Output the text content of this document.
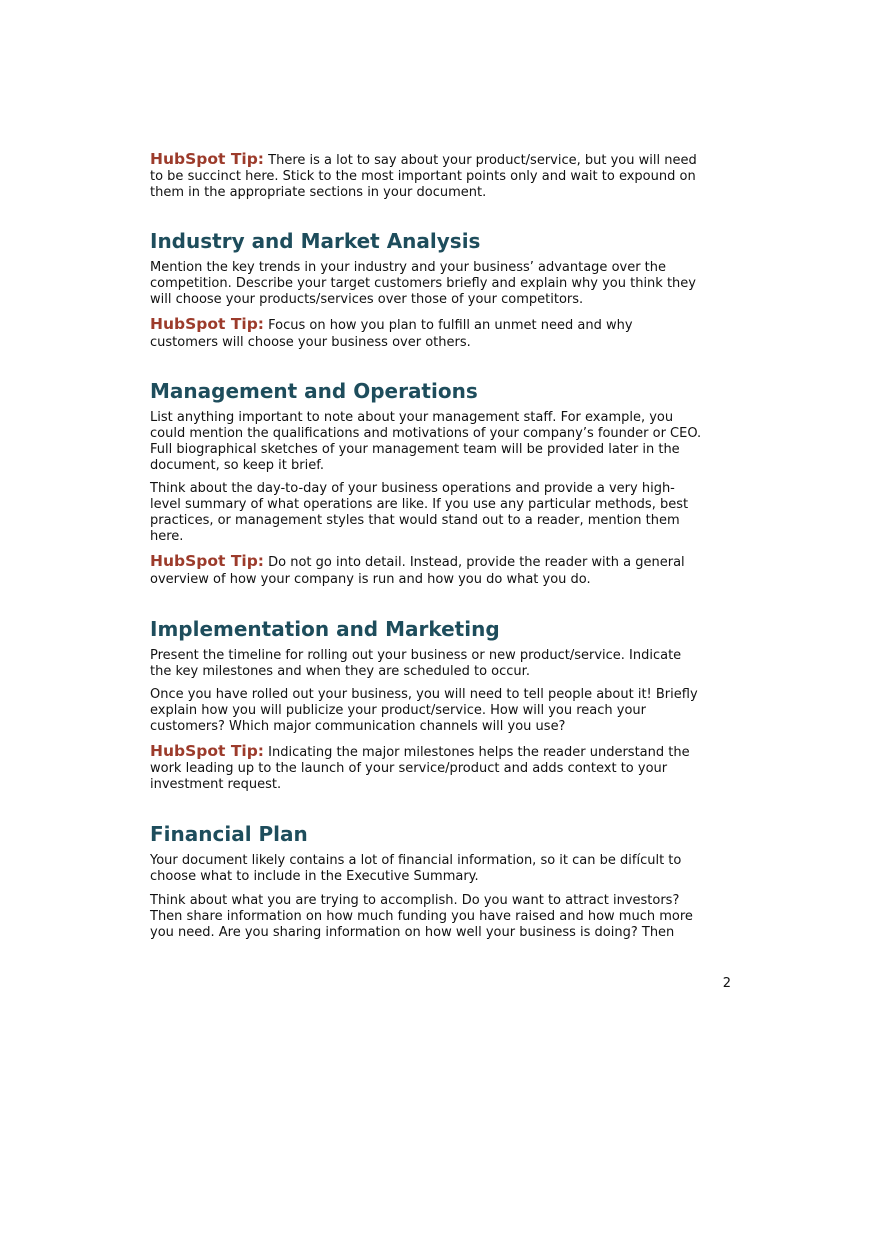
HubSpot Tip: There is a lot to say about your product/service, but you will need
to be succinct here. Stick to the most important points only and wait to expound on
them in the appropriate sections in your document.
Industry and Market Analysis
Mention the key trends in your industry and your business’ advantage over the
competition. Describe your target customers briefly and explain why you think they
will choose your products/services over those of your competitors.
HubSpot Tip: Focus on how you plan to fulfill an unmet need and why
customers will choose your business over others.
Management and Operations
List anything important to note about your management staff. For example, you
could mention the qualifications and motivations of your company’s founder or CEO.
Full biographical sketches of your management team will be provided later in the
document, so keep it brief.
Think about the day-to-day of your business operations and provide a very high-
level summary of what operations are like. If you use any particular methods, best
practices, or management styles that would stand out to a reader, mention them
here.
HubSpot Tip: Do not go into detail. Instead, provide the reader with a general
overview of how your company is run and how you do what you do.
Implementation and Marketing
Present the timeline for rolling out your business or new product/service. Indicate
the key milestones and when they are scheduled to occur.
Once you have rolled out your business, you will need to tell people about it! Briefly
explain how you will publicize your product/service. How will you reach your
customers? Which major communication channels will you use?
HubSpot Tip: Indicating the major milestones helps the reader understand the
work leading up to the launch of your service/product and adds context to your
investment request.
Financial Plan
Your document likely contains a lot of financial information, so it can be difícult to
choose what to include in the Executive Summary.
Think about what you are trying to accomplish. Do you want to attract investors?
Then share information on how much funding you have raised and how much more
you need. Are you sharing information on how well your business is doing? Then
2
